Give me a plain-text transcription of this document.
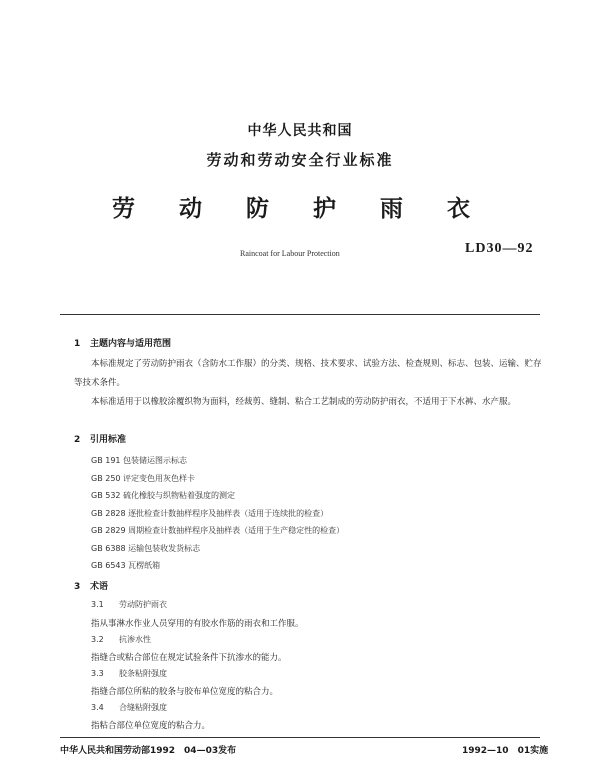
中华人民共和国
劳动和劳动安全行业标准
劳 动 防 护 雨 衣
Raincoat for Labour Protection	LD30—92
1 主题内容与适用范围
本标准规定了劳动防护雨衣（含防水工作服）的分类、规格、技术要求、试验方法、检查规则、标志、包装、运输、贮存等技术条件。
本标准适用于以橡胶涂覆织物为面料，经裁剪、缝制、粘合工艺制成的劳动防护雨衣，不适用于下水裤、水产服。
2 引用标准
GB 191 包装储运图示标志
GB 250 评定变色用灰色样卡
GB 532 硫化橡胶与织物粘着强度的测定
GB 2828 逐批检查计数抽样程序及抽样表（适用于连续批的检查）
GB 2829 周期检查计数抽样程序及抽样表（适用于生产稳定性的检查）
GB 6388 运输包装收发货标志
GB 6543 瓦楞纸箱
3 术语
3.1 劳动防护雨衣
指从事淋水作业人员穿用的有胶水作筋的雨衣和工作服。
3.2 抗渗水性
指缝合或粘合部位在规定试验条件下抗渗水的能力。
3.3 胶条粘附强度
指缝合部位所粘的胶条与胶布单位宽度的粘合力。
3.4 合缝粘附强度
指粘合部位单位宽度的粘合力。
中华人民共和国劳动部1992　04—03发布	1992—10　01实施
